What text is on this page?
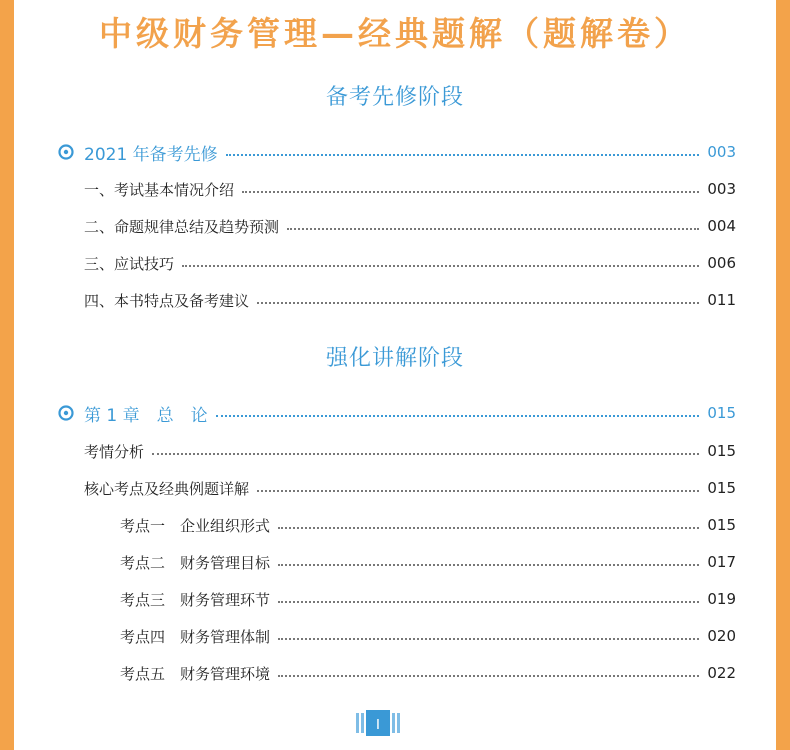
中级财务管理—经典题解（题解卷）
备考先修阶段
2021 年备考先修	003
一、考试基本情况介绍	003
二、命题规律总结及趋势预测	004
三、应试技巧	006
四、本书特点及备考建议	011
强化讲解阶段
第 1 章　总　论	015
考情分析	015
核心考点及经典例题详解	015
考点一　企业组织形式	015
考点二　财务管理目标	017
考点三　财务管理环节	019
考点四　财务管理体制	020
考点五　财务管理环境	022
I
